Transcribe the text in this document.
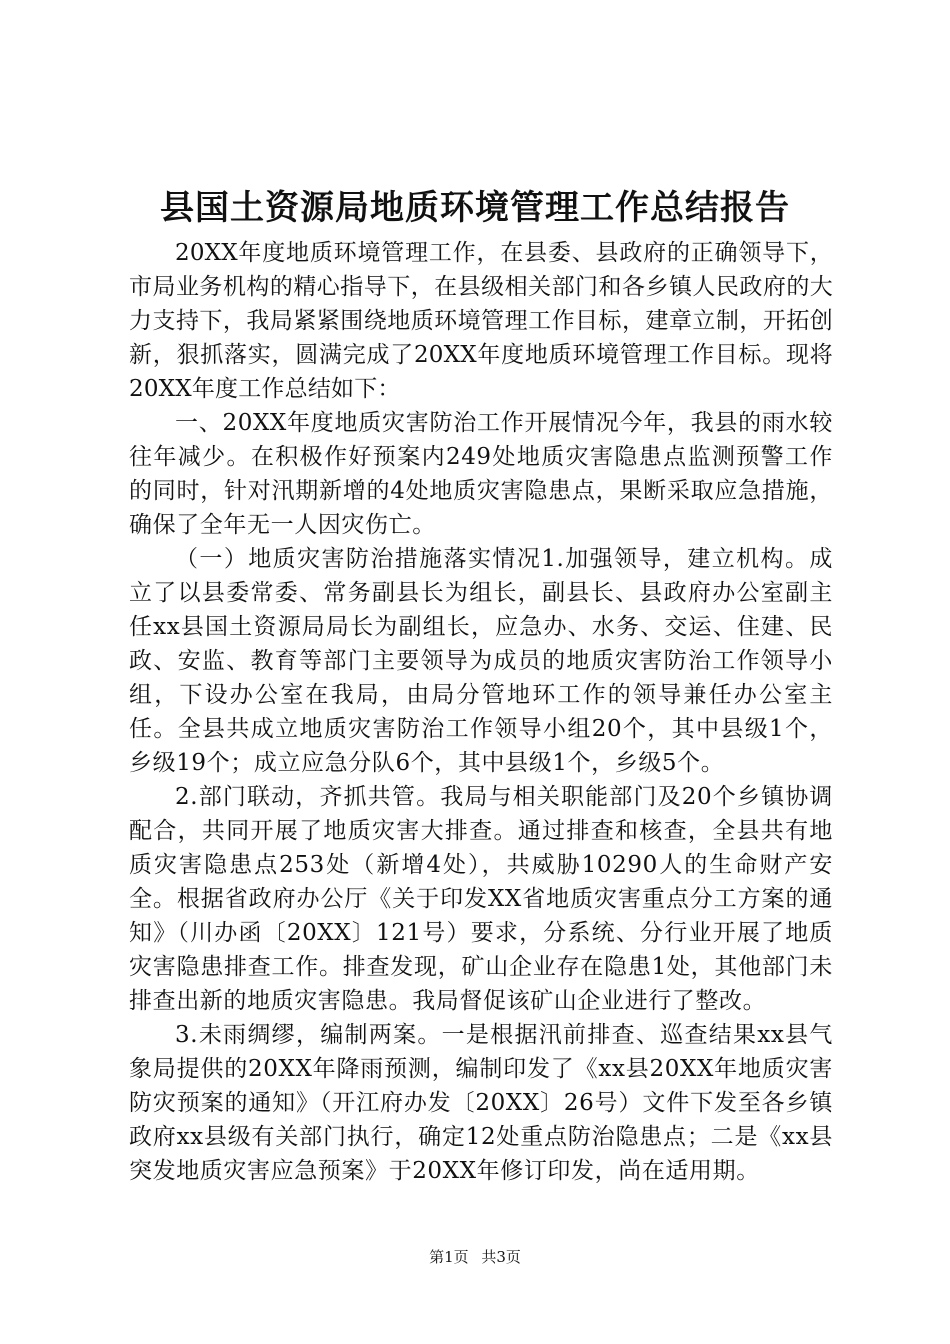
县国土资源局地质环境管理工作总结报告

20XX年度地质环境管理工作，在县委、县政府的正确领导下，市局业务机构的精心指导下，在县级相关部门和各乡镇人民政府的大力支持下，我局紧紧围绕地质环境管理工作目标，建章立制，开拓创新，狠抓落实，圆满完成了20XX年度地质环境管理工作目标。现将20XX年度工作总结如下：

一、20XX年度地质灾害防治工作开展情况今年，我县的雨水较往年减少。在积极作好预案内249处地质灾害隐患点监测预警工作的同时，针对汛期新增的4处地质灾害隐患点，果断采取应急措施，确保了全年无一人因灾伤亡。

（一）地质灾害防治措施落实情况1.加强领导，建立机构。成立了以县委常委、常务副县长为组长，副县长、县政府办公室副主任xx县国土资源局局长为副组长，应急办、水务、交运、住建、民政、安监、教育等部门主要领导为成员的地质灾害防治工作领导小组，下设办公室在我局，由局分管地环工作的领导兼任办公室主任。全县共成立地质灾害防治工作领导小组20个，其中县级1个，乡级19个；成立应急分队6个，其中县级1个，乡级5个。

2.部门联动，齐抓共管。我局与相关职能部门及20个乡镇协调配合，共同开展了地质灾害大排查。通过排查和核查，全县共有地质灾害隐患点253处（新增4处），共威胁10290人的生命财产安全。根据省政府办公厅《关于印发XX省地质灾害重点分工方案的通知》（川办函〔20XX〕121号）要求，分系统、分行业开展了地质灾害隐患排查工作。排查发现，矿山企业存在隐患1处，其他部门未排查出新的地质灾害隐患。我局督促该矿山企业进行了整改。

3.未雨绸缪，编制两案。一是根据汛前排查、巡查结果xx县气象局提供的20XX年降雨预测，编制印发了《xx县20XX年地质灾害防灾预案的通知》（开江府办发〔20XX〕26号）文件下发至各乡镇政府xx县级有关部门执行，确定12处重点防治隐患点；二是《xx县突发地质灾害应急预案》于20XX年修订印发，尚在适用期。

第1页 共3页
